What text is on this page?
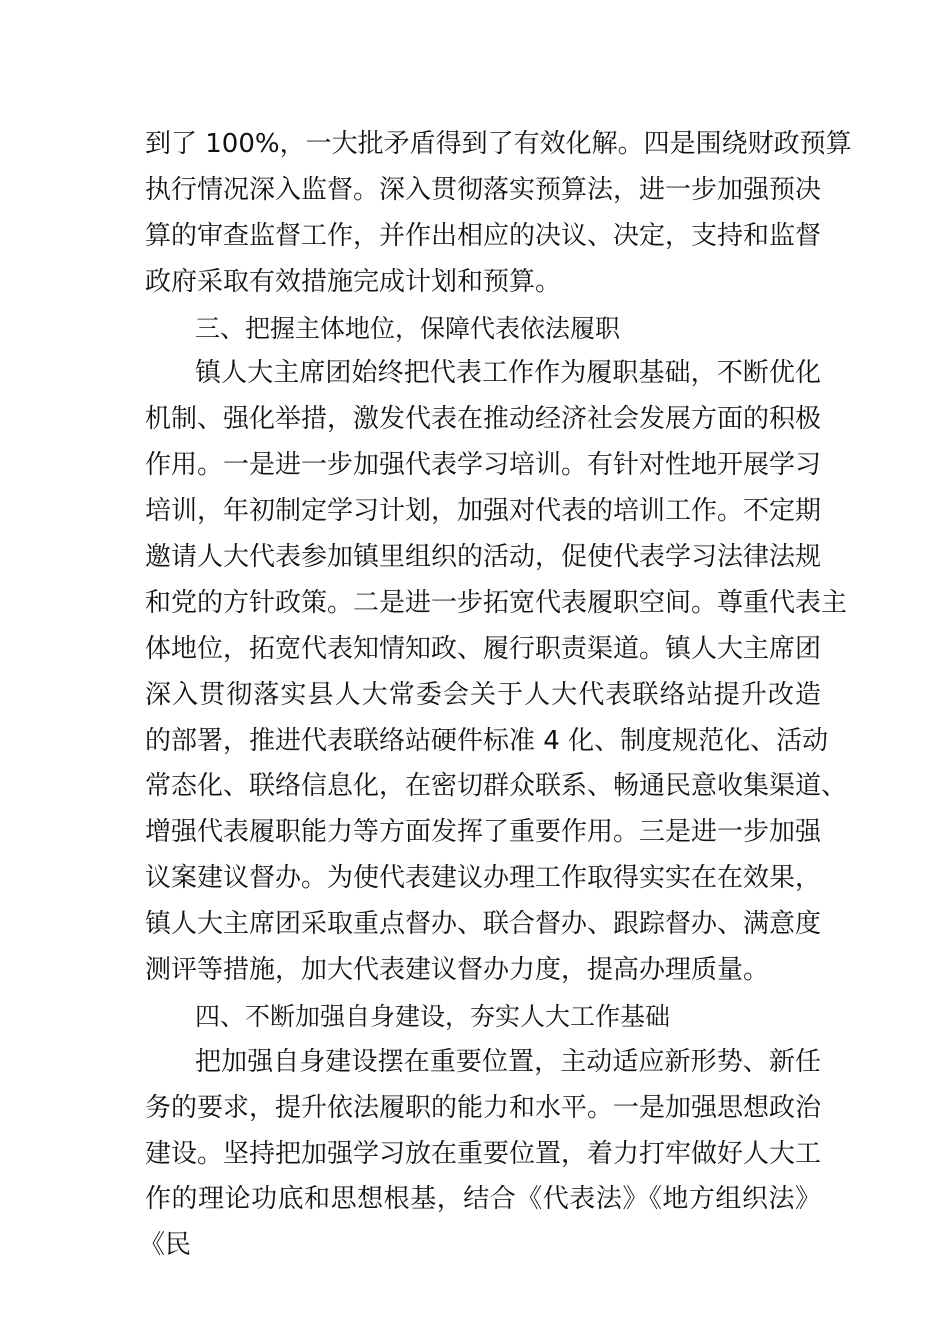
到了 100%，一大批矛盾得到了有效化解。四是围绕财政预算
执行情况深入监督。深入贯彻落实预算法，进一步加强预决
算的审查监督工作，并作出相应的决议、决定，支持和监督
政府采取有效措施完成计划和预算。
三、把握主体地位，保障代表依法履职
镇人大主席团始终把代表工作作为履职基础，不断优化
机制、强化举措，激发代表在推动经济社会发展方面的积极
作用。一是进一步加强代表学习培训。有针对性地开展学习
培训，年初制定学习计划，加强对代表的培训工作。不定期
邀请人大代表参加镇里组织的活动，促使代表学习法律法规
和党的方针政策。二是进一步拓宽代表履职空间。尊重代表主
体地位，拓宽代表知情知政、履行职责渠道。镇人大主席团
深入贯彻落实县人大常委会关于人大代表联络站提升改造
的部署，推进代表联络站硬件标准 4 化、制度规范化、活动
常态化、联络信息化，在密切群众联系、畅通民意收集渠道、
增强代表履职能力等方面发挥了重要作用。三是进一步加强
议案建议督办。为使代表建议办理工作取得实实在在效果，
镇人大主席团采取重点督办、联合督办、跟踪督办、满意度
测评等措施，加大代表建议督办力度，提高办理质量。
四、不断加强自身建设，夯实人大工作基础
把加强自身建设摆在重要位置，主动适应新形势、新任
务的要求，提升依法履职的能力和水平。一是加强思想政治
建设。坚持把加强学习放在重要位置，着力打牢做好人大工
作的理论功底和思想根基，结合《代表法》《地方组织法》
《民
